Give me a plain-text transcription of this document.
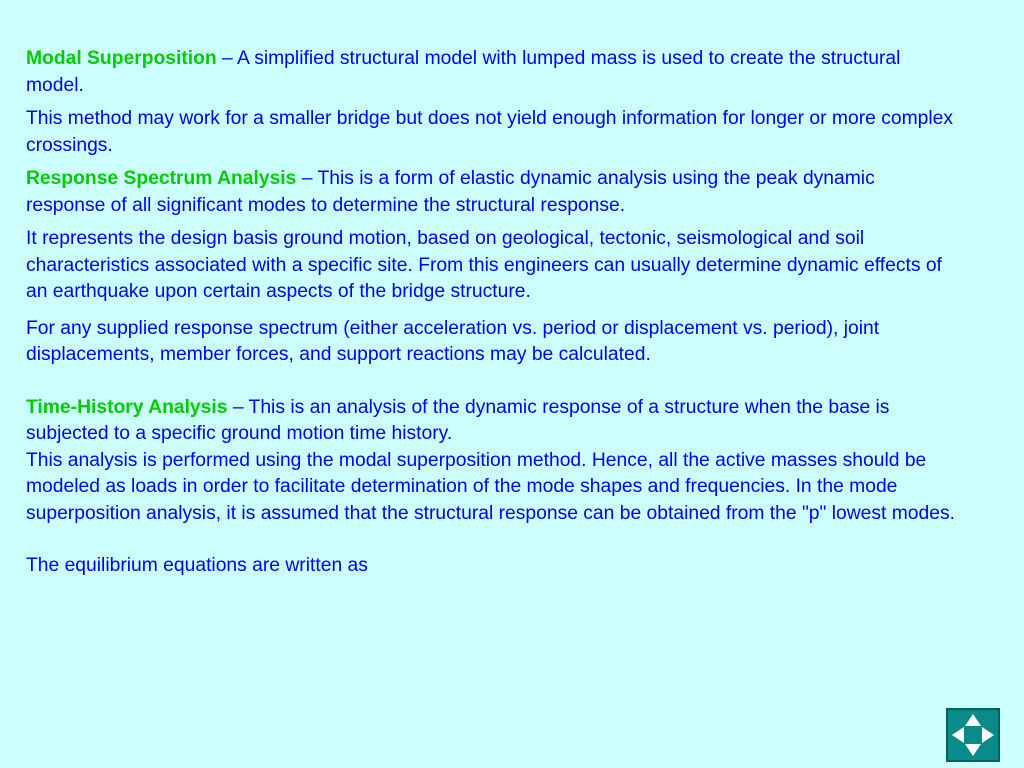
Modal Superposition – A simplified structural model with lumped mass is used to create the structural model.

This method may work for a smaller bridge but does not yield enough information for longer or more complex crossings.

Response Spectrum Analysis – This is a form of elastic dynamic analysis using the peak dynamic response of all significant modes to determine the structural response.

It represents the design basis ground motion, based on geological, tectonic, seismological and soil characteristics associated with a specific site. From this engineers can usually determine dynamic effects of an earthquake upon certain aspects of the bridge structure.

For any supplied response spectrum (either acceleration vs. period or displacement vs. period), joint displacements, member forces, and support reactions may be calculated.

Time-History Analysis – This is an analysis of the dynamic response of a structure when the base is subjected to a specific ground motion time history.

This analysis is performed using the modal superposition method. Hence, all the active masses should be modeled as loads in order to facilitate determination of the mode shapes and frequencies. In the mode superposition analysis, it is assumed that the structural response can be obtained from the "p" lowest modes.

The equilibrium equations are written as
